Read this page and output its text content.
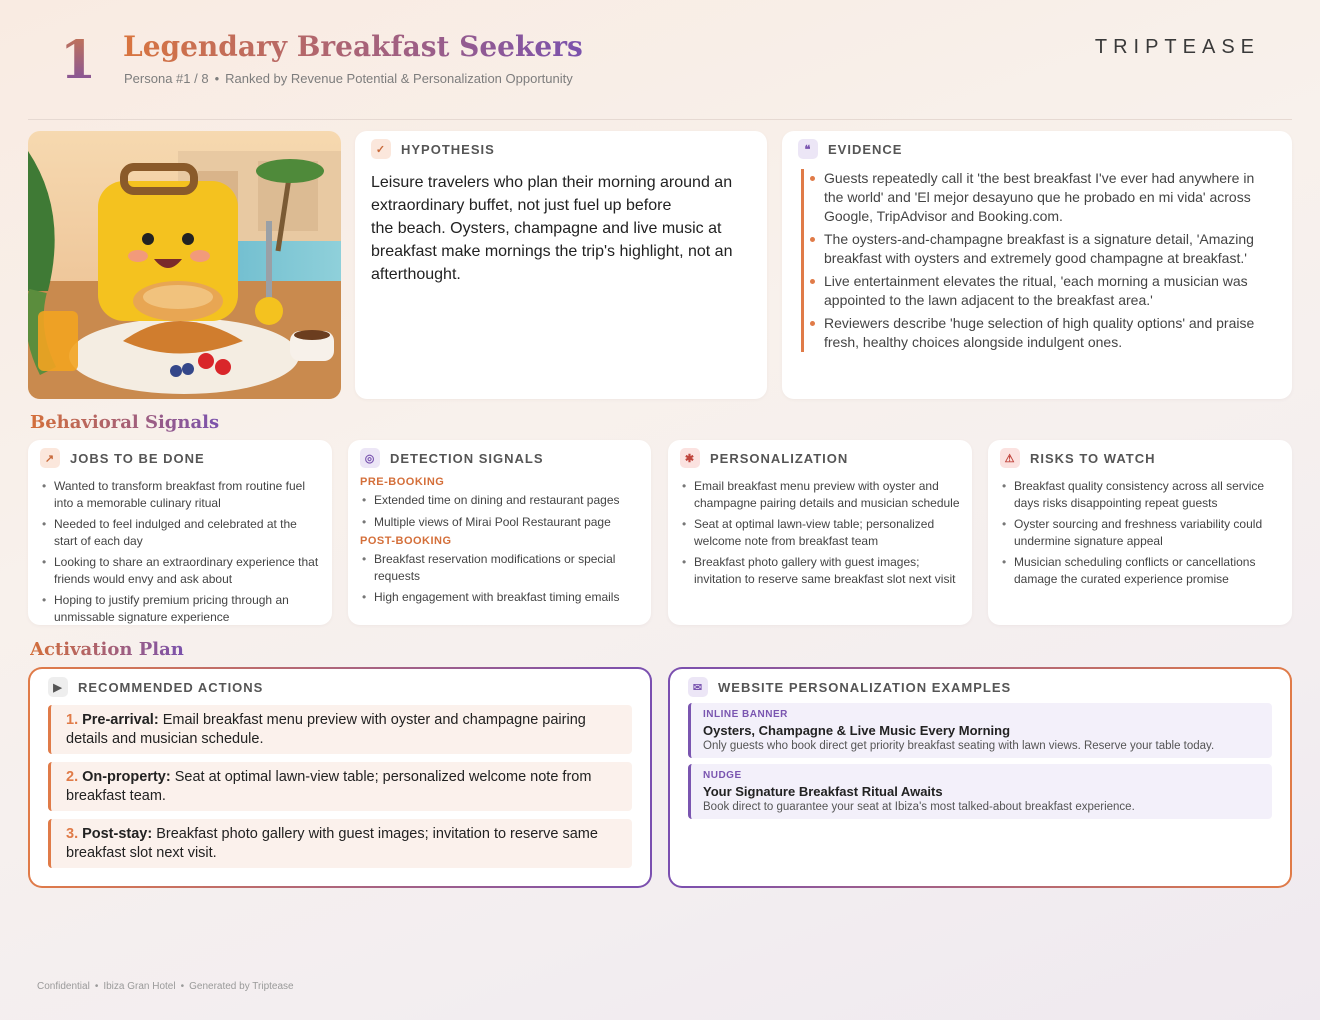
1 Legendary Breakfast Seekers
Persona #1 / 8 • Ranked by Revenue Potential & Personalization Opportunity
TRIPTEASE
✓	HYPOTHESIS
Leisure travelers who plan their morning around an extraordinary buffet, not just fuel up before
the beach. Oysters, champagne and live music at breakfast make mornings the trip's highlight, not an afterthought.
❝	EVIDENCE
Guests repeatedly call it 'the best breakfast I've ever had anywhere in the world' and 'El mejor desayuno que he probado en mi vida' across Google, TripAdvisor and Booking.com.
The oysters-and-champagne breakfast is a signature detail, 'Amazing breakfast with oysters and extremely good champagne at breakfast.'
Live entertainment elevates the ritual, 'each morning a musician was appointed to the lawn adjacent to the breakfast area.'
Reviewers describe 'huge selection of high quality options' and praise fresh, healthy choices alongside indulgent ones.
Behavioral Signals
↗	JOBS TO BE DONE
• Wanted to transform breakfast from routine fuel into a memorable culinary ritual
• Needed to feel indulged and celebrated at the start of each day
• Looking to share an extraordinary experience that friends would envy and ask about
• Hoping to justify premium pricing through an unmissable signature experience
◎	DETECTION SIGNALS
PRE-BOOKING
• Extended time on dining and restaurant pages
• Multiple views of Mirai Pool Restaurant page
POST-BOOKING
• Breakfast reservation modifications or special requests
• High engagement with breakfast timing emails
✱	PERSONALIZATION
• Email breakfast menu preview with oyster and champagne pairing details and musician schedule
• Seat at optimal lawn-view table; personalized welcome note from breakfast team
• Breakfast photo gallery with guest images; invitation to reserve same breakfast slot next visit
⚠	RISKS TO WATCH
• Breakfast quality consistency across all service days risks disappointing repeat guests
• Oyster sourcing and freshness variability could undermine signature appeal
• Musician scheduling conflicts or cancellations damage the curated experience promise
Activation Plan
▶	RECOMMENDED ACTIONS
1. Pre-arrival: Email breakfast menu preview with oyster and champagne pairing details and musician schedule.
2. On-property: Seat at optimal lawn-view table; personalized welcome note from breakfast team.
3. Post-stay: Breakfast photo gallery with guest images; invitation to reserve same breakfast slot next visit.
✉	WEBSITE PERSONALIZATION EXAMPLES
INLINE BANNER
Oysters, Champagne & Live Music Every Morning
Only guests who book direct get priority breakfast seating with lawn views. Reserve your table today.
NUDGE
Your Signature Breakfast Ritual Awaits
Book direct to guarantee your seat at Ibiza's most talked-about breakfast experience.
Confidential • Ibiza Gran Hotel • Generated by Triptease
